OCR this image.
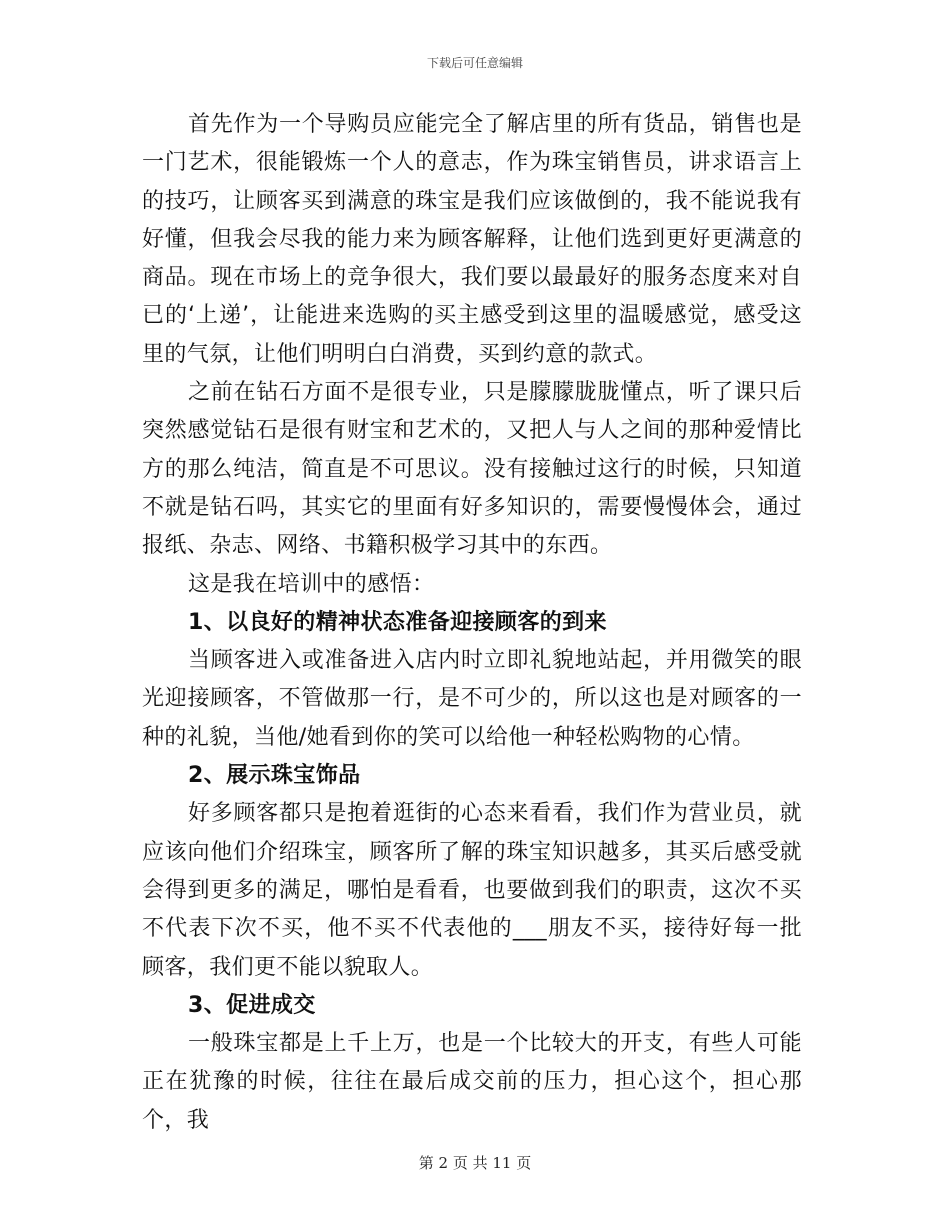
下载后可任意编辑

首先作为一个导购员应能完全了解店里的所有货品，销售也是一门艺术，很能锻炼一个人的意志，作为珠宝销售员，讲求语言上的技巧，让顾客买到满意的珠宝是我们应该做倒的，我不能说我有好懂，但我会尽我的能力来为顾客解释，让他们选到更好更满意的商品。现在市场上的竞争很大，我们要以最最好的服务态度来对自已的‘上递’，让能进来选购的买主感受到这里的温暖感觉，感受这里的气氛，让他们明明白白消费，买到约意的款式。

之前在钻石方面不是很专业，只是朦朦胧胧懂点，听了课只后突然感觉钻石是很有财宝和艺术的，又把人与人之间的那种爱情比方的那么纯洁，简直是不可思议。没有接触过这行的时候，只知道不就是钻石吗，其实它的里面有好多知识的，需要慢慢体会，通过报纸、杂志、网络、书籍积极学习其中的东西。

这是我在培训中的感悟：

1、以良好的精神状态准备迎接顾客的到来

当顾客进入或准备进入店内时立即礼貌地站起，并用微笑的眼光迎接顾客，不管做那一行，是不可少的，所以这也是对顾客的一种的礼貌，当他/她看到你的笑可以给他一种轻松购物的心情。

2、展示珠宝饰品

好多顾客都只是抱着逛街的心态来看看，我们作为营业员，就应该向他们介绍珠宝，顾客所了解的珠宝知识越多，其买后感受就会得到更多的满足，哪怕是看看，也要做到我们的职责，这次不买不代表下次不买，他不买不代表他的___朋友不买，接待好每一批顾客，我们更不能以貌取人。

3、促进成交

一般珠宝都是上千上万，也是一个比较大的开支，有些人可能正在犹豫的时候，往往在最后成交前的压力，担心这个，担心那个，我

第 2 页 共 11 页
